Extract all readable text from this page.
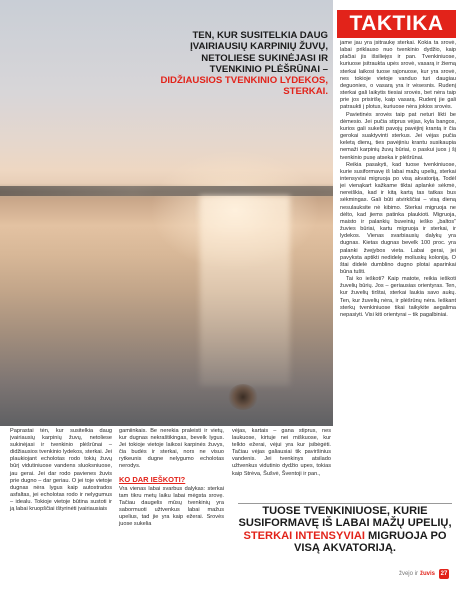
TEN, KUR SUSITELKIA DAUG ĮVAIRIAUSIŲ KARPINIŲ ŽUVŲ, NETOLIESE SUKINĖJASI IR TVENKINIO PLĖŠRŪNAI – DIDŽIAUSIOS TVENKINIO LYDEKOS, STERKAI.
TAKTIKA

jame jau yra įsitraukę sterkai. Kokia ta srovė, labai priklauso nuo tvenkinio dydžio, kaip plačiai jis išsiliejęs ir pan. Tvenkiniuose, kuriuose įsitraukta upės srovė, vasarą ir žiemą sterkai laikosi tuose rajonuose, kur yra srovė, nes tokioje vietoje vanduo turi daugiau deguonies, o vasarą yra ir vėsesnis. Rudenį sterkai gali laikytis tiesiai srovės, bet nėra taip prie jos prisirišę, kaip vasarą. Rudenį jie gali patraukti į plotus, kuriuose nėra jokios srovės.

Pavietinės srovės taip pat neturi likti be dėmesio. Jei pučia stiprus vėjas, kyla bangos, kurios gali sukelti pavojų pavėjinį krantą ir čia gerokai suaktyvinti sterkus. Jei vėjas pučia keletą dienų, ties pavėjiniu krantu susikaupia nemaži karpinių žuvų būriai, o paskui juos į šį tvenkinio pusę atseka ir plėšrūnai.

Reikia pasakyti, kad tuose tvenkiniuose, kurie susiformavę iš labai mažų upelių, sterkai intensyviai migruoja po visą akvatoriją. Todėl jei vienąkart kažkame tiktai aplankė sėkmė, nereiškia, kad ir kitą kartą tas tatkas bus sėkmingas. Gali būti atvirkščiai – visą dieną nesulauksite nė kibimo. Sterkai migruoja ne dėlto, kad jiems patinka plaukioti. Migruoja, maisto ir palankių buveinių ieško „baltos“ žuvies būriai, kartu migruoja ir sterkai, ir lydekos. Vienas svarbiausių dalykų yra dugnas. Kietas dugnas bevelk 100 proc. yra palanki žvejybos vieta. Labai gerai, jei pavyksta aptikti nedidelę moliuskų koloniją. O štai didelė dumblino dugno plotai aparinkai būna tušti.

Tai ko ieškoti? Kaip matote, reikia ieškoti žuvelių būrių. Jos – geriausias orientyras. Ten, kur žuvelių tirštai, sterkai laukia savo aukų. Ten, kur žuvelių nėra, ir plėšrūnų nėra. Ieškant sterkų tvenkiniuose tikai taikykite aegalima nepasiyti. Visi kiti orientyrai – tik pagalbiniai.

Paprastai tėn, kur susitelkia daug įvairiausių karpinių žuvų, netoliese sukinėjasi ir tvenkinio plėšrūnai – didžiausios tvenkinio lydekos, sterkai. Jei plaukiojant echolotas rodo tokių žuvų būrį vidutiniuose vandens sluoksniuose, jau gerai. Jei dar rodo pavienes žuvis prie dugno – dar geriau. O jei toje vietoje dugnas nėra lygus kaip autostrados asfaltas, jei echolotas rodo ir nelygumus – idealu. Tokioje vietoje būtina sustoti ir ją labai kruopščiai ištyrinėti įvairiausiais

gamiinkais. Be nerekia praleisti ir vietų, kur dugnas nekraštikingas, bevelk lygus. Jei tokioje vietoje laikosi karpinės žuvys, čia budės ir sterkai, nors ne visuo rytkeunis dugne nelygumo echolotas nerodys.

KO DAR IEŠKOTI?

Vra vienas labai svarbus dalykas: sterkai tam tikru metų laiku labai mėgsta srovę. Tačiau daugelis mūsų tvenkinių yra sabormuoti užtvenkus labai mažus upelius, tad jie yra kaip ežerai. Srovės juose sukelia

vėjas, kartais – gana stiprus, nes laukuose, kirtuje nei miškuose, kur telkto ežerai, vėjui yra kur įsibėgėti. Tačiau vėjas galiausiai tik paviršinius vandenis. Jei tvenkinys atsilado užtvenkus vidutinio dydžio upes, tokias kaip Strėva, Šušvė, Šventoji ir pan.,

TUOSE TVENKINIUOSE, KURIE SUSIFORMAVĘ IŠ LABAI MAŽŲ UPELIŲ, STERKAI INTENSYVIAI MIGRUOJA PO VISĄ AKVATORIJĄ.
žvejo ir žuvis 27
